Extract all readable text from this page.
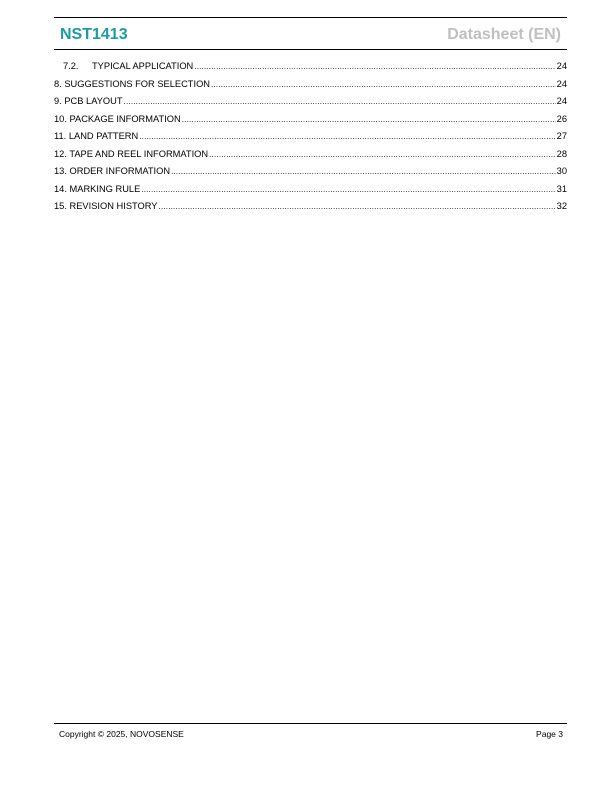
NST1413	Datasheet (EN)
7.2. TYPICAL APPLICATION .....	24
8. SUGGESTIONS FOR SELECTION .....	24
9. PCB LAYOUT .....	24
10. PACKAGE INFORMATION .....	26
11. LAND PATTERN .....	27
12. TAPE AND REEL INFORMATION .....	28
13. ORDER INFORMATION .....	30
14. MARKING RULE .....	31
15. REVISION HISTORY .....	32
Copyright © 2025, NOVOSENSE	Page 3
